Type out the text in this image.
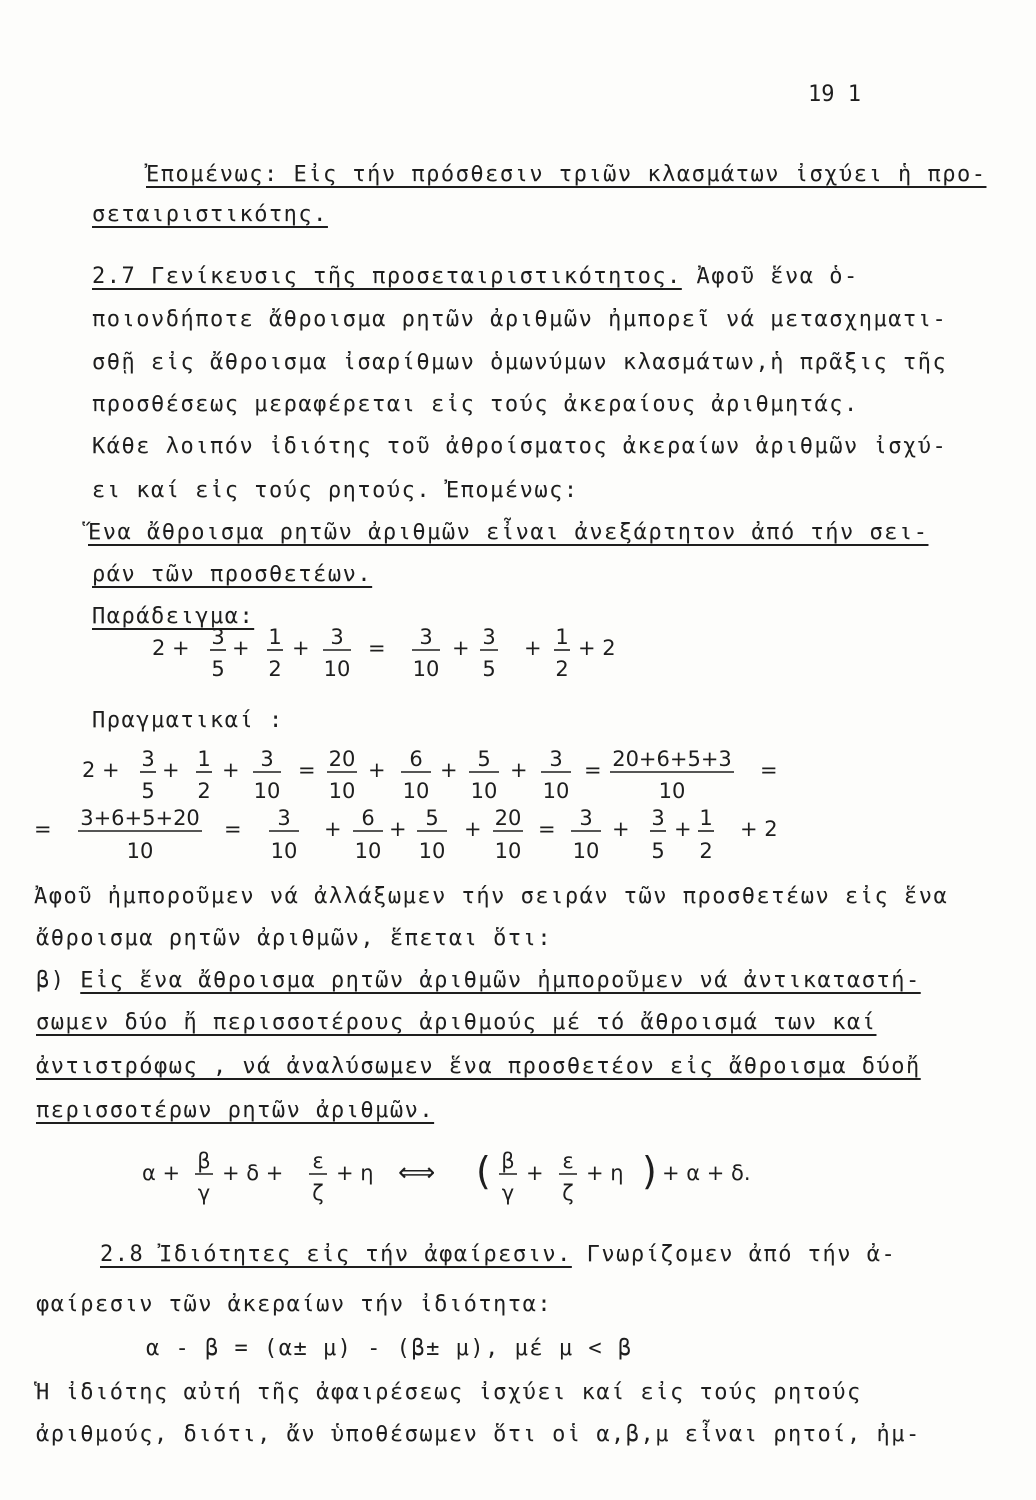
19 1
Ἐπομένως: Εἰς τήν πρόσθεσιν τριῶν κλασμάτων ἰσχύει ἡ προ-
σεταιριστικότης.
2.7 Γενίκευσις τῆς προσεταιριστικότητος. Ἀφοῦ ἕνα ὁ-
ποιονδήποτε ἄθροισμα ρητῶν ἀριθμῶν ἠμπορεῖ νά μετασχηματι-
σθῇ εἰς ἄθροισμα ἰσαρίθμων ὁμωνύμων κλασμάτων,ἡ πρᾶξις τῆς
προσθέσεως μεραφέρεται εἰς τούς ἀκεραίους ἀριθμητάς.
Κάθε λοιπόν ἰδιότης τοῦ ἀθροίσματος ἀκεραίων ἀριθμῶν ἰσχύ-
ει καί εἰς τούς ρητούς. Ἐπομένως:
Ἕνα ἄθροισμα ρητῶν ἀριθμῶν εἶναι ἀνεξάρτητον ἀπό τήν σει-
ράν τῶν προσθετέων.
Παράδειγμα:
2 + 3
5
+ 1
2
+ 3
10
= 3
10
+ 3
5
+ 1
2
+ 2
Πραγματικαί :
2 + 3
5
+ 1
2
+ 3
10
= 20
10
+ 6
10
+ 5
10
+ 3
10
= 20+6+5+3
10
=
= 3+6+5+20
10
= 3
10
+ 6
10
+ 5
10
+ 20
10
= 3
10
+ 3
5
+ 1
2
+ 2
Ἀφοῦ ἠμποροῦμεν νά ἀλλάξωμεν τήν σειράν τῶν προσθετέων εἰς ἕνα
ἄθροισμα ρητῶν ἀριθμῶν, ἕπεται ὅτι:
β) Εἰς ἕνα ἄθροισμα ρητῶν ἀριθμῶν ἠμποροῦμεν νά ἀντικαταστή-
σωμεν δύο ἤ περισσοτέρους ἀριθμούς μέ τό ἄθροισμά των καί
ἀντιστρόφως , νά ἀναλύσωμεν ἕνα προσθετέον εἰς ἄθροισμα δύοἤ
περισσοτέρων ρητῶν ἀριθμῶν.
α + β
γ
+ δ + ε
ζ
+ η ⟺ ( β
γ
+ ε
ζ
+ η ) + α + δ.
2.8 Ἰδιότητες εἰς τήν ἀφαίρεσιν. Γνωρίζομεν ἀπό τήν ἀ-
φαίρεσιν τῶν ἀκεραίων τήν ἰδιότητα:
α - β = (α± μ) - (β± μ), μέ μ < β
Ἡ ἰδιότης αὐτή τῆς ἀφαιρέσεως ἰσχύει καί εἰς τούς ρητούς
ἀριθμούς, διότι, ἄν ὑποθέσωμεν ὅτι οἱ α,β,μ εἶναι ρητοί, ἠμ-
